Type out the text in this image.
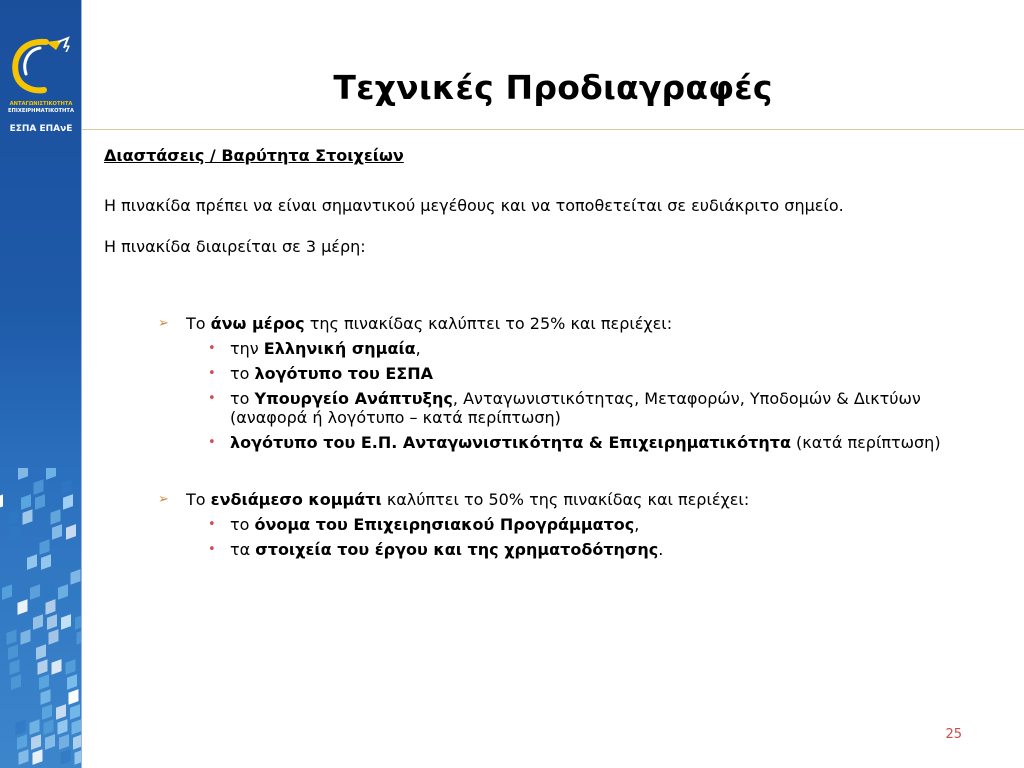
7
ΑΝΤΑΓΩΝΙΣΤΙΚΟΤΗΤΑ
ΕΠΙΧΕΙΡΗΜΑΤΙΚΟΤΗΤΑ
ΕΣΠΑ ΕΠΑνΕ
Τεχνικές Προδιαγραφές

Διαστάσεις / Βαρύτητα Στοιχείων

Η πινακίδα πρέπει να είναι σημαντικού μεγέθους και να τοποθετείται σε ευδιάκριτο σημείο.

Η πινακίδα διαιρείται σε 3 μέρη:

➢ Το άνω μέρος της πινακίδας καλύπτει το 25% και περιέχει:

• την Ελληνική σημαία,

• το λογότυπο του ΕΣΠΑ

• το Υπουργείο Ανάπτυξης, Ανταγωνιστικότητας, Μεταφορών, Υποδομών & Δικτύων (αναφορά ή λογότυπο – κατά περίπτωση)

• λογότυπο του Ε.Π. Ανταγωνιστικότητα & Επιχειρηματικότητα (κατά περίπτωση)

➢ Το ενδιάμεσο κομμάτι καλύπτει το 50% της πινακίδας και περιέχει:

• το όνομα του Επιχειρησιακού Προγράμματος,

• τα στοιχεία του έργου και της χρηματοδότησης.

25
